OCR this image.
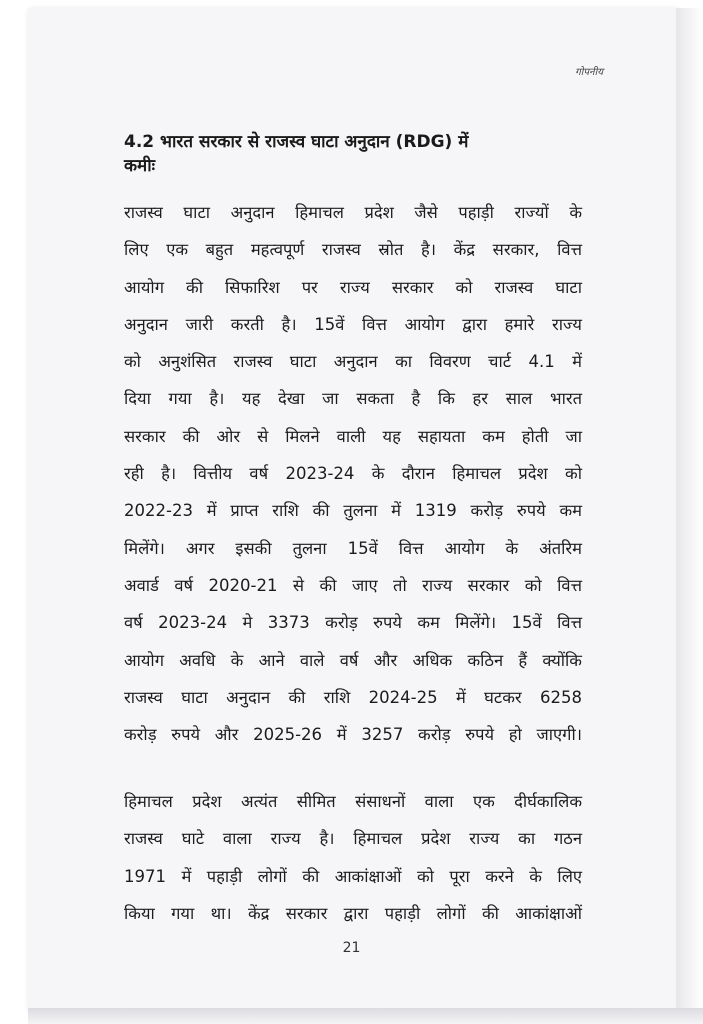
गोपनीय
4.2 भारत सरकार से राजस्व घाटा अनुदान (RDG) में
कमीः
राजस्व घाटा अनुदान हिमाचल प्रदेश जैसे पहाड़ी राज्यों के
लिए एक बहुत महत्वपूर्ण राजस्व स्रोत है। केंद्र सरकार, वित्त
आयोग की सिफारिश पर राज्य सरकार को राजस्व घाटा
अनुदान जारी करती है। 15वें वित्त आयोग द्वारा हमारे राज्य
को अनुशंसित राजस्व घाटा अनुदान का विवरण चार्ट 4.1 में
दिया गया है। यह देखा जा सकता है कि हर साल भारत
सरकार की ओर से मिलने वाली यह सहायता कम होती जा
रही है। वित्तीय वर्ष 2023-24 के दौरान हिमाचल प्रदेश को
2022-23 में प्राप्त राशि की तुलना में 1319 करोड़ रुपये कम
मिलेंगे। अगर इसकी तुलना 15वें वित्त आयोग के अंतरिम
अवार्ड वर्ष 2020-21 से की जाए तो राज्य सरकार को वित्त
वर्ष 2023-24 मे 3373 करोड़ रुपये कम मिलेंगे। 15वें वित्त
आयोग अवधि के आने वाले वर्ष और अधिक कठिन हैं क्योंकि
राजस्व घाटा अनुदान की राशि 2024-25 में घटकर 6258
करोड़ रुपये और 2025-26 में 3257 करोड़ रुपये हो जाएगी।
हिमाचल प्रदेश अत्यंत सीमित संसाधनों वाला एक दीर्घकालिक
राजस्व घाटे वाला राज्य है। हिमाचल प्रदेश राज्य का गठन
1971 में पहाड़ी लोगों की आकांक्षाओं को पूरा करने के लिए
किया गया था। केंद्र सरकार द्वारा पहाड़ी लोगों की आकांक्षाओं
21
